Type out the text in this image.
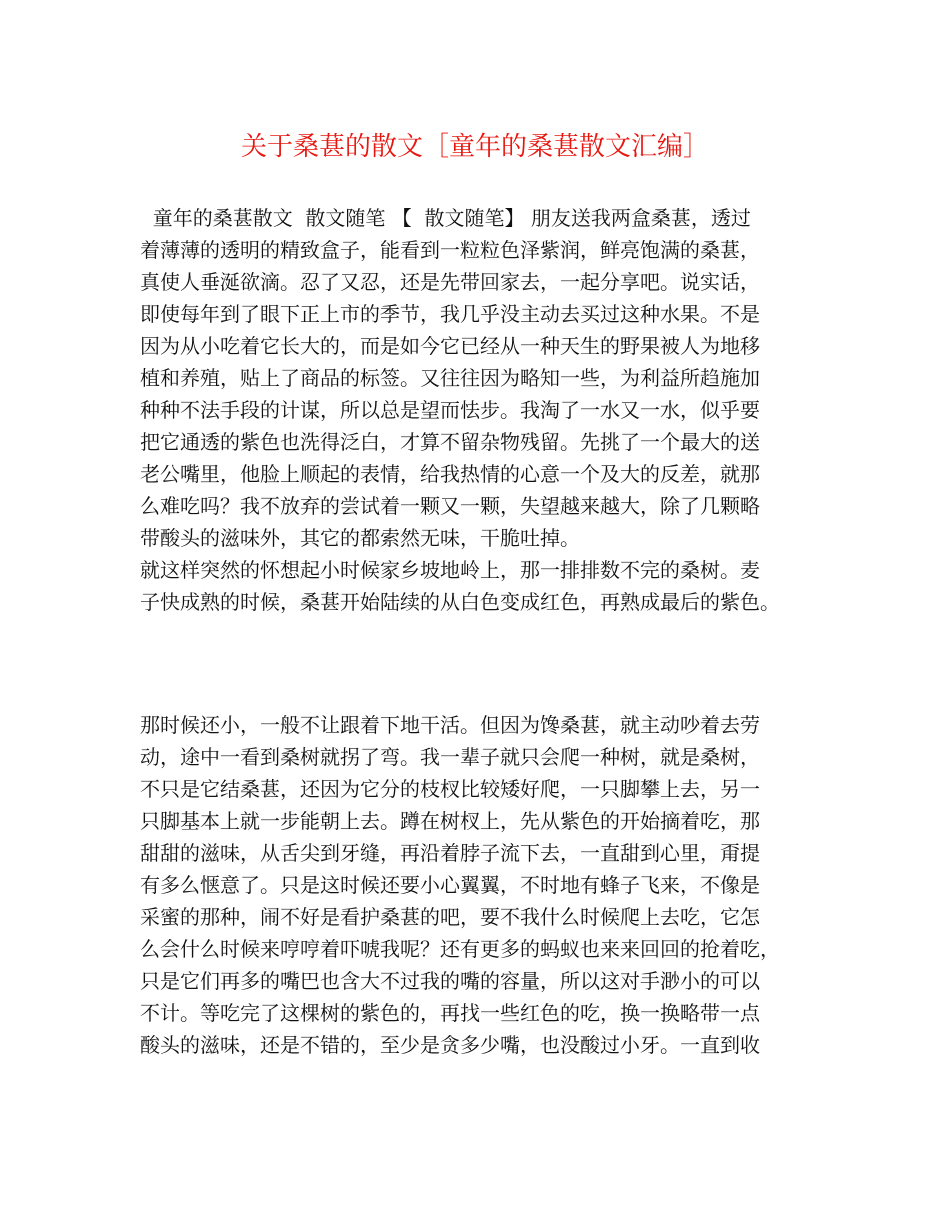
关于桑葚的散文［童年的桑葚散文汇编］
童年的桑葚散文  散文随笔 【  散文随笔】 朋友送我两盒桑葚，透过
着薄薄的透明的精致盒子，能看到一粒粒色泽紫润，鲜亮饱满的桑葚，
真使人垂涎欲滴。忍了又忍，还是先带回家去，一起分享吧。说实话，
即使每年到了眼下正上市的季节，我几乎没主动去买过这种水果。不是
因为从小吃着它长大的，而是如今它已经从一种天生的野果被人为地移
植和养殖，贴上了商品的标签。又往往因为略知一些，为利益所趋施加
种种不法手段的计谋，所以总是望而怯步。我淘了一水又一水，似乎要
把它通透的紫色也洗得泛白，才算不留杂物残留。先挑了一个最大的送
老公嘴里，他脸上顺起的表情，给我热情的心意一个及大的反差，就那
么难吃吗？我不放弃的尝试着一颗又一颗，失望越来越大，除了几颗略
带酸头的滋味外，其它的都索然无味，干脆吐掉。
就这样突然的怀想起小时候家乡坡地岭上，那一排排数不完的桑树。麦
子快成熟的时候，桑葚开始陆续的从白色变成红色，再熟成最后的紫色。
那时候还小，一般不让跟着下地干活。但因为馋桑葚，就主动吵着去劳
动，途中一看到桑树就拐了弯。我一辈子就只会爬一种树，就是桑树，
不只是它结桑葚，还因为它分的枝杈比较矮好爬，一只脚攀上去，另一
只脚基本上就一步能朝上去。蹲在树杈上，先从紫色的开始摘着吃，那
甜甜的滋味，从舌尖到牙缝，再沿着脖子流下去，一直甜到心里，甭提
有多么惬意了。只是这时候还要小心翼翼，不时地有蜂子飞来，不像是
采蜜的那种，闹不好是看护桑葚的吧，要不我什么时候爬上去吃，它怎
么会什么时候来哼哼着吓唬我呢？还有更多的蚂蚁也来来回回的抢着吃，
只是它们再多的嘴巴也含大不过我的嘴的容量，所以这对手渺小的可以
不计。等吃完了这棵树的紫色的，再找一些红色的吃，换一换略带一点
酸头的滋味，还是不错的，至少是贪多少嘴，也没酸过小牙。一直到收
